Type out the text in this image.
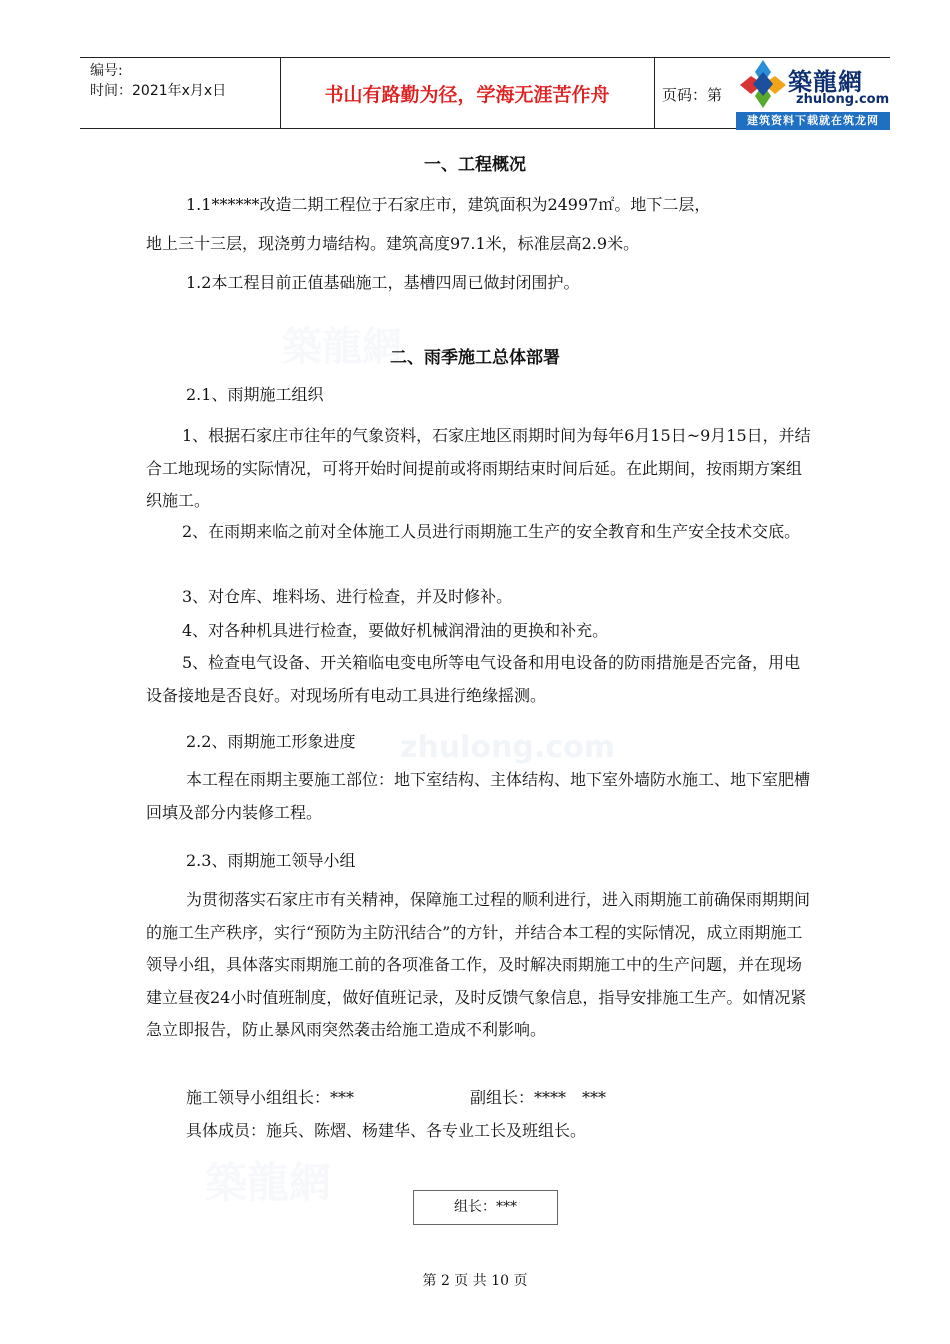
築龍網
zhulong.com
築龍網
编号:
时间：2021年x月x日	书山有路勤为径，学海无涯苦作舟	页码：第	築龍網
zhulong.com
建筑资料下载就在筑龙网
一、工程概况
1.1******改造二期工程位于石家庄市，建筑面积为24997㎡。地下二层，
地上三十三层，现浇剪力墙结构。建筑高度97.1米，标准层高2.9米。
1.2本工程目前正值基础施工，基槽四周已做封闭围护。
二、雨季施工总体部署
2.1、雨期施工组织
1、根据石家庄市往年的气象资料，石家庄地区雨期时间为每年6月15日~9月15日，并结合工地现场的实际情况，可将开始时间提前或将雨期结束时间后延。在此期间，按雨期方案组织施工。
2、在雨期来临之前对全体施工人员进行雨期施工生产的安全教育和生产安全技术交底。
3、对仓库、堆料场、进行检查，并及时修补。
4、对各种机具进行检查，要做好机械润滑油的更换和补充。
5、检查电气设备、开关箱临电变电所等电气设备和用电设备的防雨措施是否完备，用电设备接地是否良好。对现场所有电动工具进行绝缘摇测。
2.2、雨期施工形象进度
本工程在雨期主要施工部位：地下室结构、主体结构、地下室外墙防水施工、地下室肥槽回填及部分内装修工程。
2.3、雨期施工领导小组
为贯彻落实石家庄市有关精神，保障施工过程的顺利进行，进入雨期施工前确保雨期期间的施工生产秩序，实行“预防为主防汛结合”的方针，并结合本工程的实际情况，成立雨期施工领导小组，具体落实雨期施工前的各项准备工作，及时解决雨期施工中的生产问题，并在现场建立昼夜24小时值班制度，做好值班记录，及时反馈气象信息，指导安排施工生产。如情况紧急立即报告，防止暴风雨突然袭击给施工造成不利影响。
施工领导小组组长：***	副组长：****　***
具体成员：施兵、陈熠、杨建华、各专业工长及班组长。
组长：***
第 2 页 共 10 页
